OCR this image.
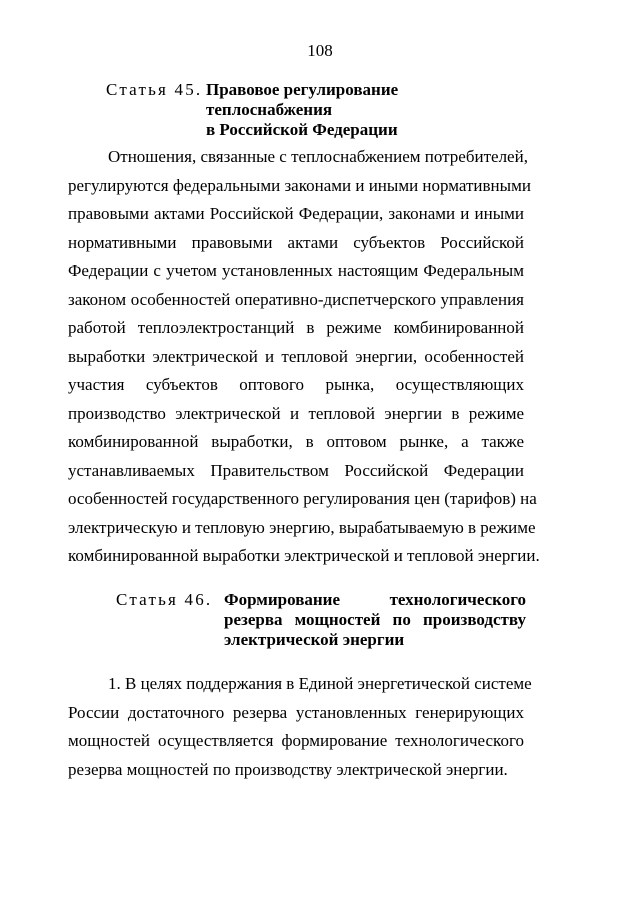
108
Статья 45. Правовое регулирование теплоснабжения
в Российской Федерации
Отношения, связанные с теплоснабжением потребителей,
регулируются федеральными законами и иными нормативными
правовыми актами Российской Федерации, законами и иными
нормативными правовыми актами субъектов Российской
Федерации с учетом установленных настоящим Федеральным
законом особенностей оперативно-диспетчерского управления
работой теплоэлектростанций в режиме комбинированной
выработки электрической и тепловой энергии, особенностей
участия субъектов оптового рынка, осуществляющих
производство электрической и тепловой энергии в режиме
комбинированной выработки, в оптовом рынке, а также
устанавливаемых Правительством Российской Федерации
особенностей государственного регулирования цен (тарифов) на
электрическую и тепловую энергию, вырабатываемую в режиме
комбинированной выработки электрической и тепловой энергии.
Статья 46. Формирование технологического
резерва мощностей по производству
электрической энергии
1. В целях поддержания в Единой энергетической системе
России достаточного резерва установленных генерирующих
мощностей осуществляется формирование технологического
резерва мощностей по производству электрической энергии.
